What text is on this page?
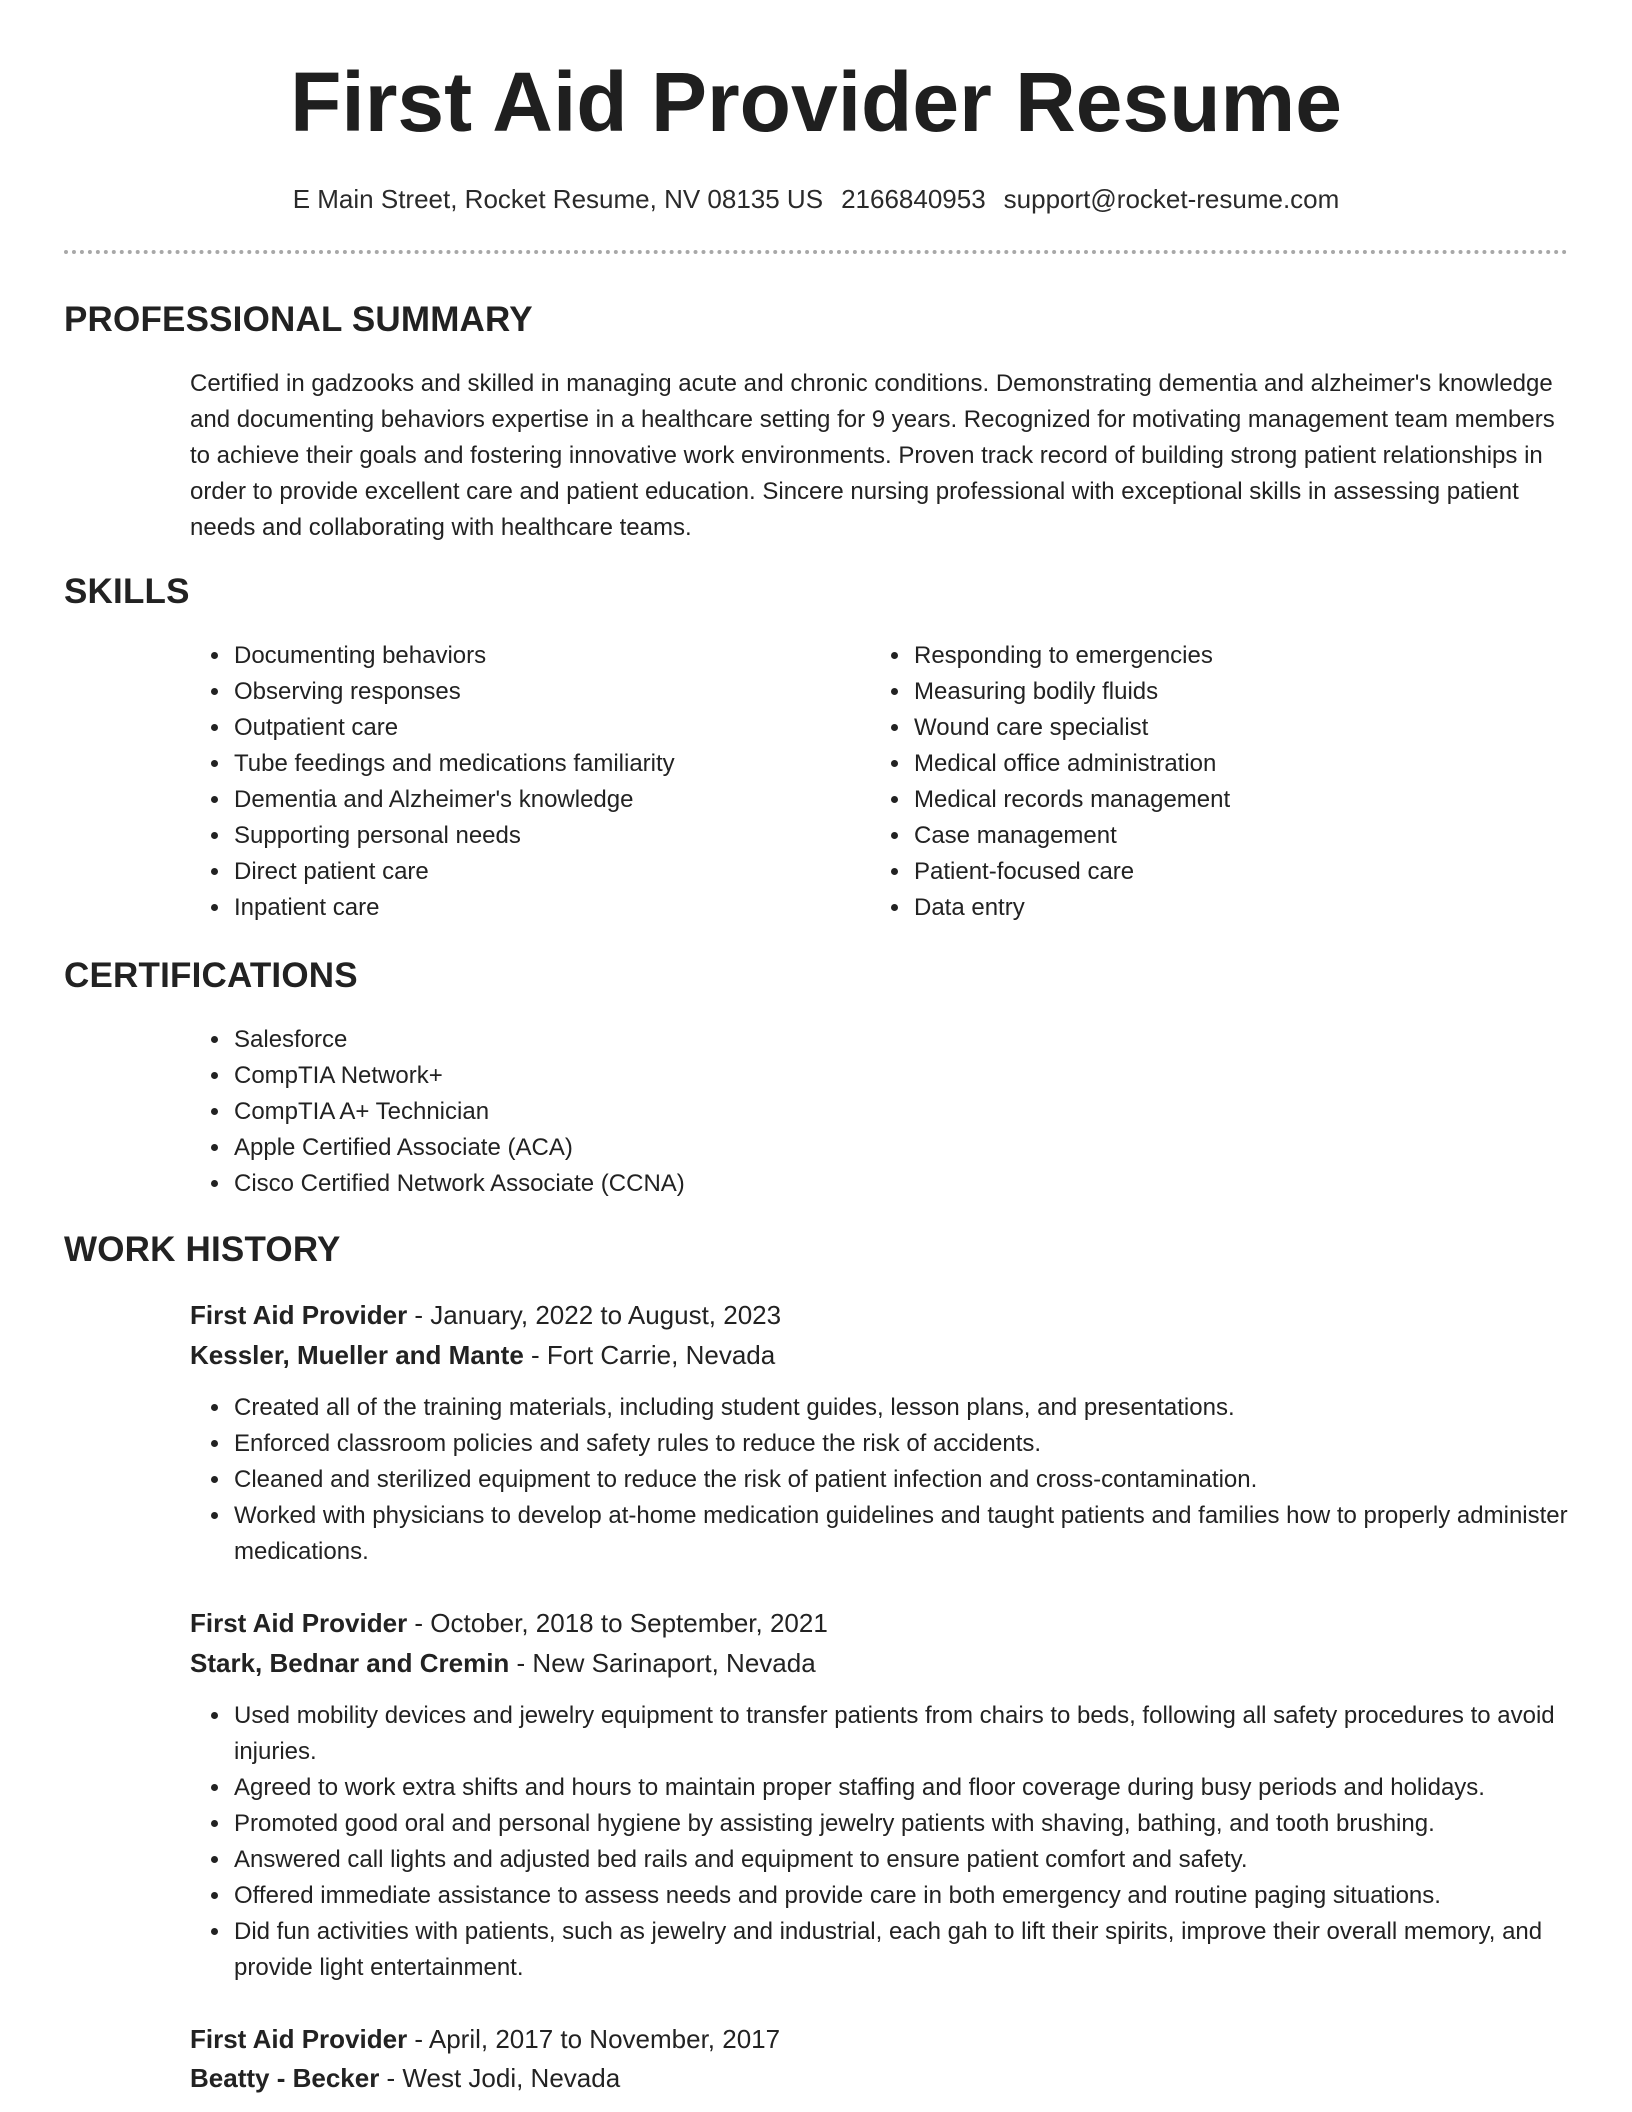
First Aid Provider Resume
E Main Street, Rocket Resume, NV 08135 US 2166840953 support@rocket-resume.com
PROFESSIONAL SUMMARY
Certified in gadzooks and skilled in managing acute and chronic conditions. Demonstrating dementia and alzheimer's knowledge and documenting behaviors expertise in a healthcare setting for 9 years. Recognized for motivating management team members to achieve their goals and fostering innovative work environments. Proven track record of building strong patient relationships in order to provide excellent care and patient education. Sincere nursing professional with exceptional skills in assessing patient needs and collaborating with healthcare teams.
SKILLS
• Documenting behaviors
• Observing responses
• Outpatient care
• Tube feedings and medications familiarity
• Dementia and Alzheimer's knowledge
• Supporting personal needs
• Direct patient care
• Inpatient care
• Responding to emergencies
• Measuring bodily fluids
• Wound care specialist
• Medical office administration
• Medical records management
• Case management
• Patient-focused care
• Data entry
CERTIFICATIONS
• Salesforce
• CompTIA Network+
• CompTIA A+ Technician
• Apple Certified Associate (ACA)
• Cisco Certified Network Associate (CCNA)
WORK HISTORY
First Aid Provider - January, 2022 to August, 2023
Kessler, Mueller and Mante - Fort Carrie, Nevada
• Created all of the training materials, including student guides, lesson plans, and presentations.
• Enforced classroom policies and safety rules to reduce the risk of accidents.
• Cleaned and sterilized equipment to reduce the risk of patient infection and cross-contamination.
• Worked with physicians to develop at-home medication guidelines and taught patients and families how to properly administer medications.
First Aid Provider - October, 2018 to September, 2021
Stark, Bednar and Cremin - New Sarinaport, Nevada
• Used mobility devices and jewelry equipment to transfer patients from chairs to beds, following all safety procedures to avoid injuries.
• Agreed to work extra shifts and hours to maintain proper staffing and floor coverage during busy periods and holidays.
• Promoted good oral and personal hygiene by assisting jewelry patients with shaving, bathing, and tooth brushing.
• Answered call lights and adjusted bed rails and equipment to ensure patient comfort and safety.
• Offered immediate assistance to assess needs and provide care in both emergency and routine paging situations.
• Did fun activities with patients, such as jewelry and industrial, each gah to lift their spirits, improve their overall memory, and provide light entertainment.
First Aid Provider - April, 2017 to November, 2017
Beatty - Becker - West Jodi, Nevada
